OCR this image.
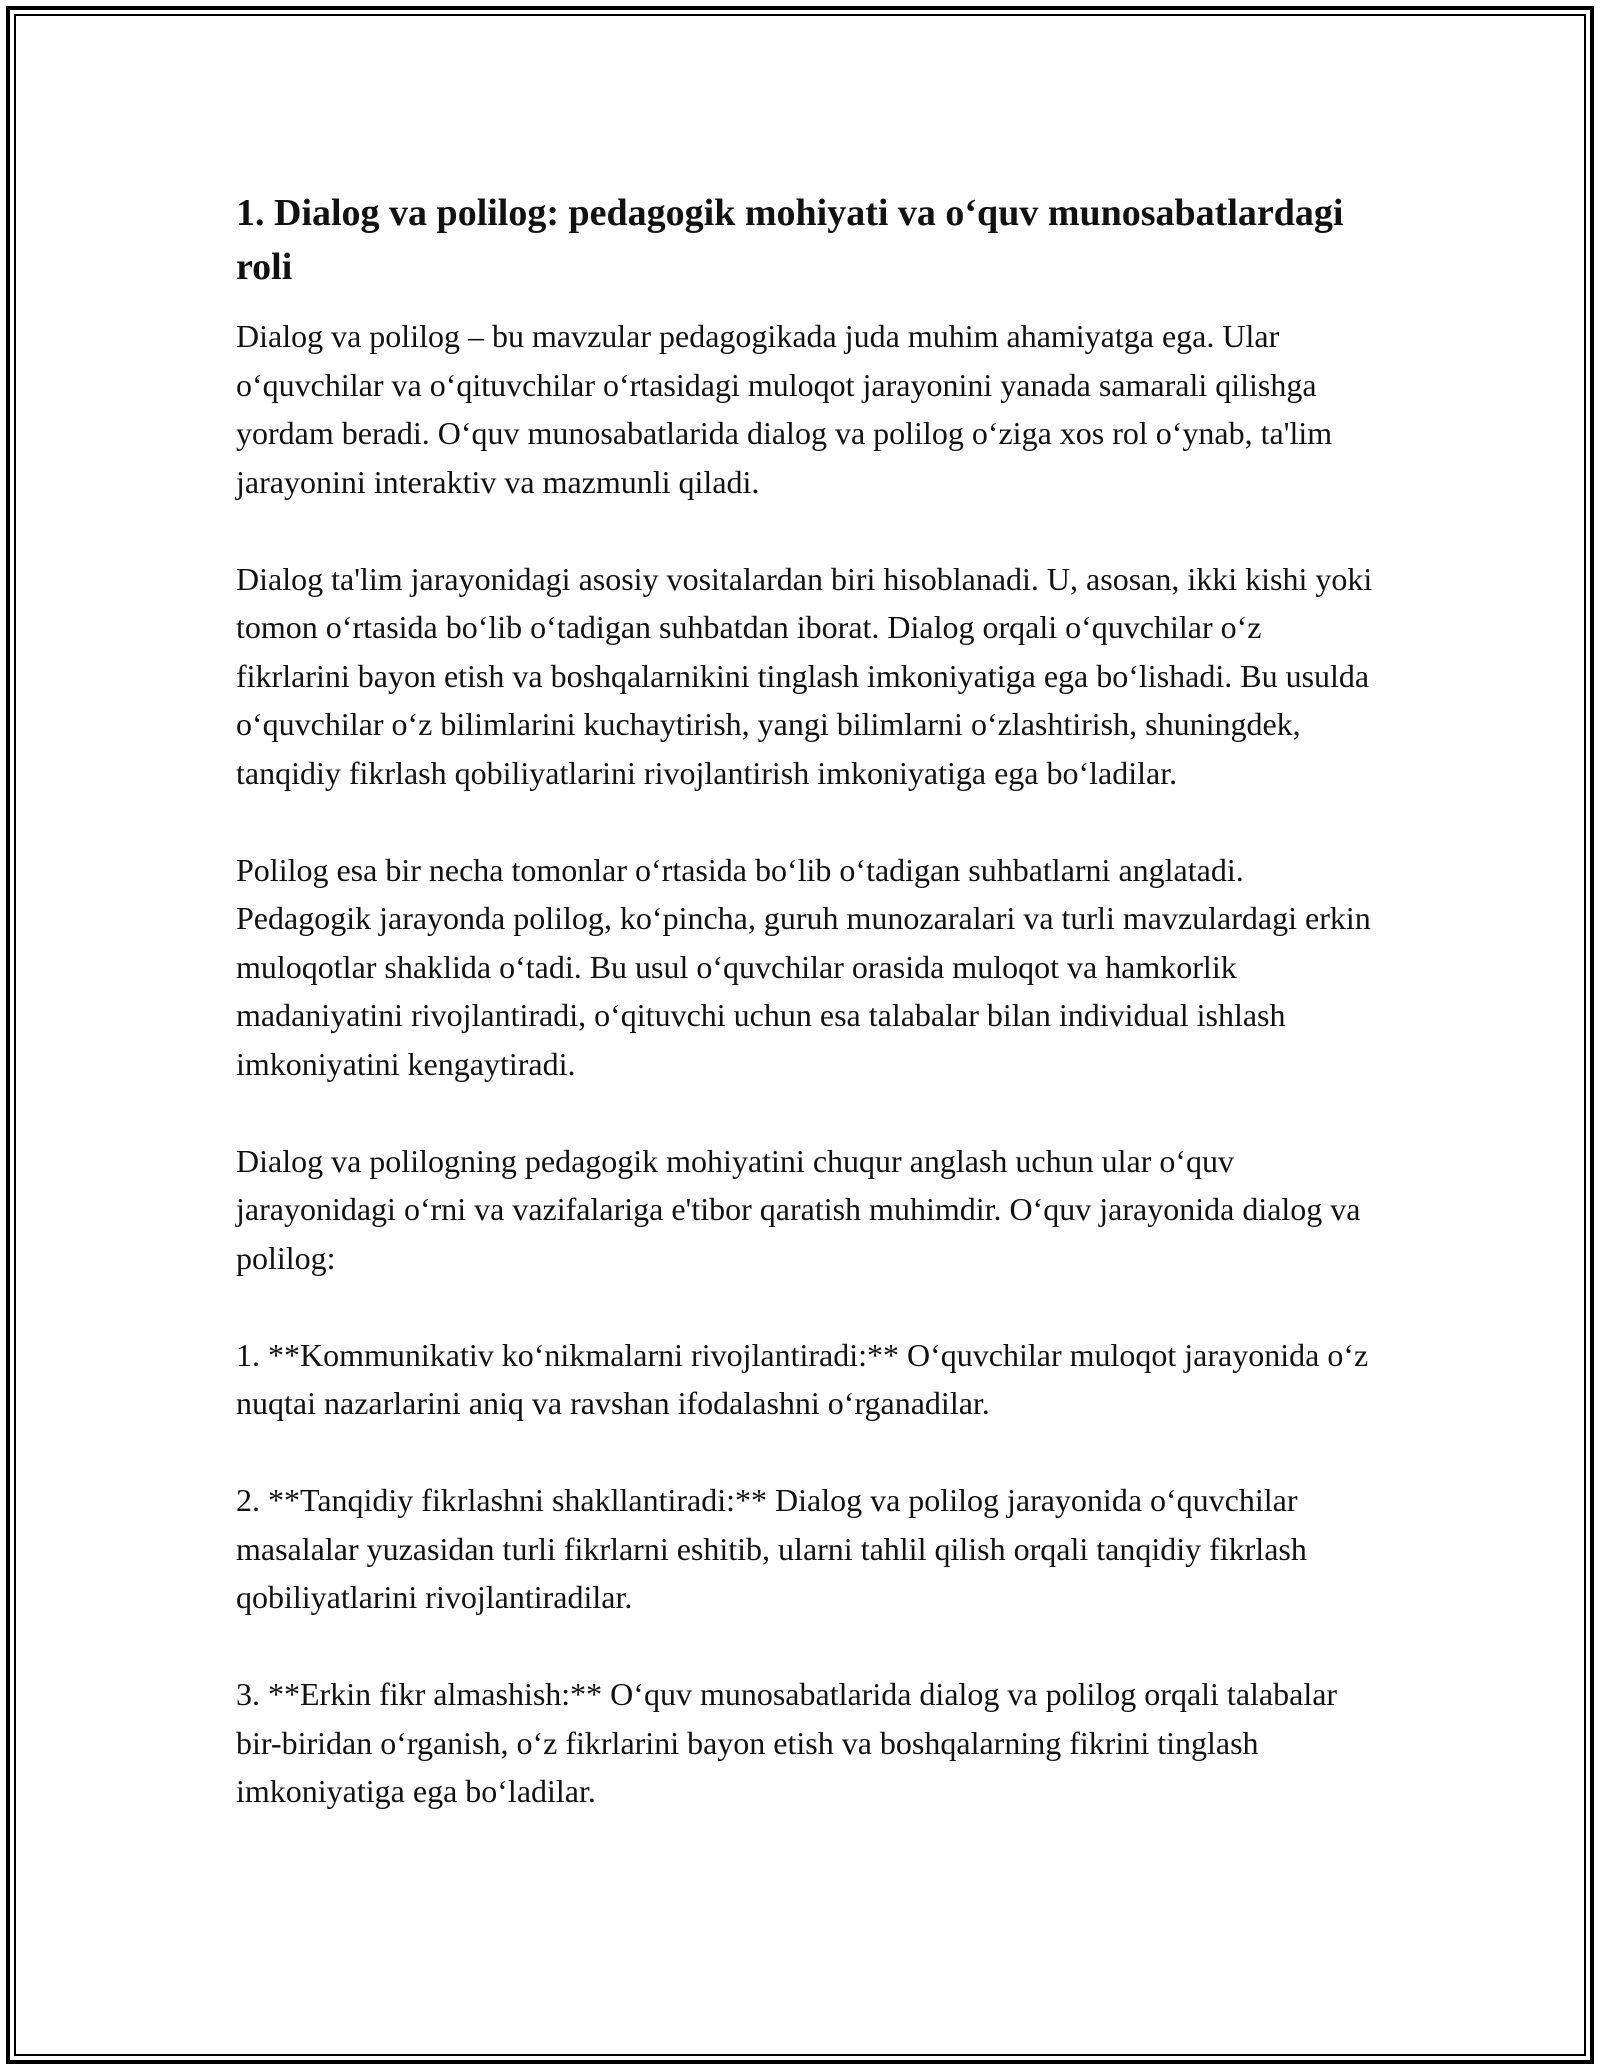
1. Dialog va polilog: pedagogik mohiyati va o‘quv munosabatlardagi roli

Dialog va polilog – bu mavzular pedagogikada juda muhim ahamiyatga ega. Ular o‘quvchilar va o‘qituvchilar o‘rtasidagi muloqot jarayonini yanada samarali qilishga yordam beradi. O‘quv munosabatlarida dialog va polilog o‘ziga xos rol o‘ynab, ta'lim jarayonini interaktiv va mazmunli qiladi.

Dialog ta'lim jarayonidagi asosiy vositalardan biri hisoblanadi. U, asosan, ikki kishi yoki tomon o‘rtasida bo‘lib o‘tadigan suhbatdan iborat. Dialog orqali o‘quvchilar o‘z fikrlarini bayon etish va boshqalarnikini tinglash imkoniyatiga ega bo‘lishadi. Bu usulda o‘quvchilar o‘z bilimlarini kuchaytirish, yangi bilimlarni o‘zlashtirish, shuningdek, tanqidiy fikrlash qobiliyatlarini rivojlantirish imkoniyatiga ega bo‘ladilar.

Polilog esa bir necha tomonlar o‘rtasida bo‘lib o‘tadigan suhbatlarni anglatadi. Pedagogik jarayonda polilog, ko‘pincha, guruh munozaralari va turli mavzulardagi erkin muloqotlar shaklida o‘tadi. Bu usul o‘quvchilar orasida muloqot va hamkorlik madaniyatini rivojlantiradi, o‘qituvchi uchun esa talabalar bilan individual ishlash imkoniyatini kengaytiradi.

Dialog va polilogning pedagogik mohiyatini chuqur anglash uchun ular o‘quv jarayonidagi o‘rni va vazifalariga e'tibor qaratish muhimdir. O‘quv jarayonida dialog va polilog:

1. **Kommunikativ ko‘nikmalarni rivojlantiradi:** O‘quvchilar muloqot jarayonida o‘z nuqtai nazarlarini aniq va ravshan ifodalashni o‘rganadilar.

2. **Tanqidiy fikrlashni shakllantiradi:** Dialog va polilog jarayonida o‘quvchilar masalalar yuzasidan turli fikrlarni eshitib, ularni tahlil qilish orqali tanqidiy fikrlash qobiliyatlarini rivojlantiradilar.

3. **Erkin fikr almashish:** O‘quv munosabatlarida dialog va polilog orqali talabalar bir-biridan o‘rganish, o‘z fikrlarini bayon etish va boshqalarning fikrini tinglash imkoniyatiga ega bo‘ladilar.
